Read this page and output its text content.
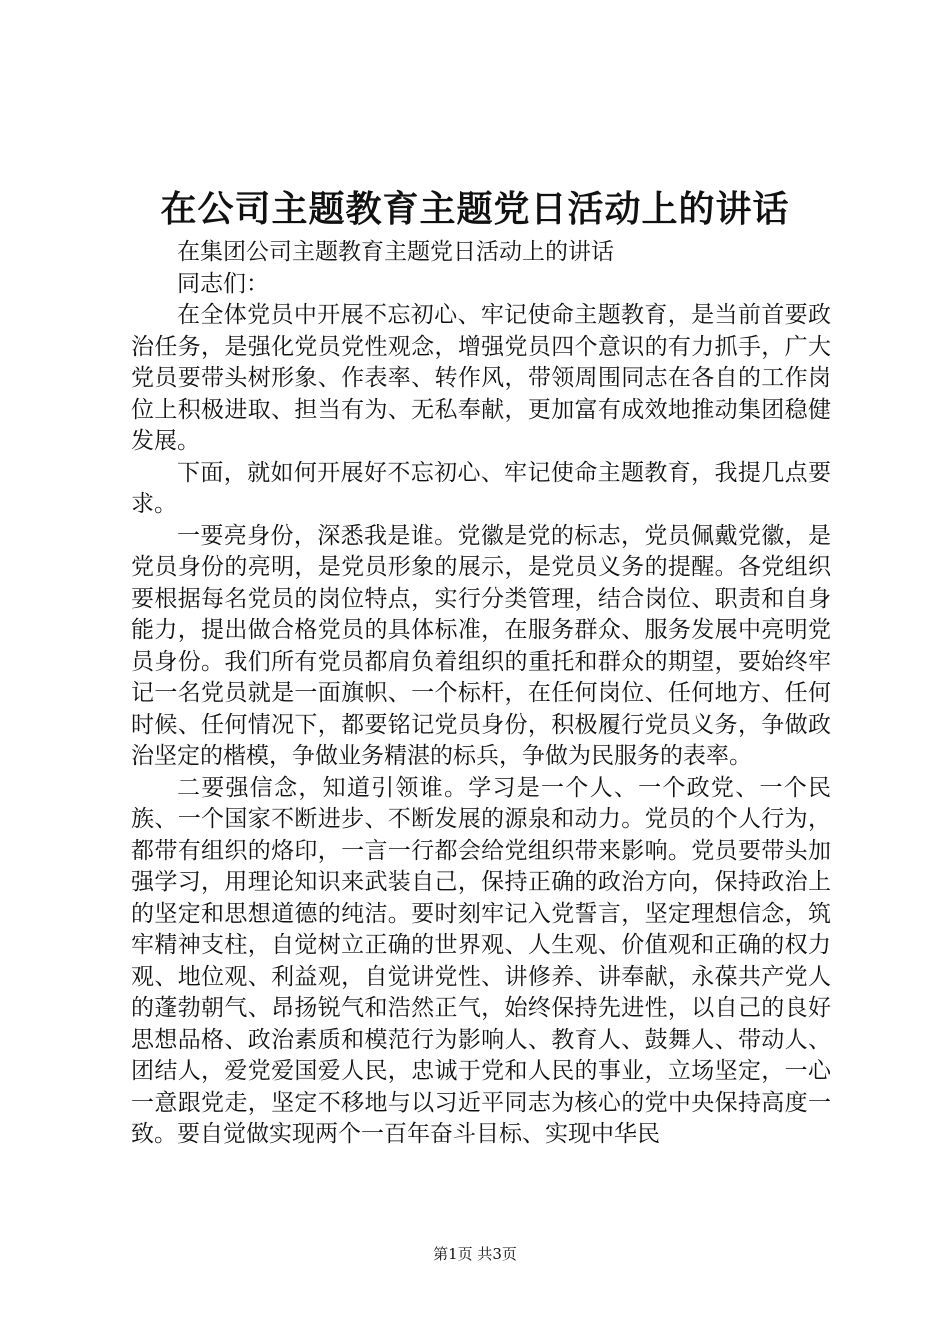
在公司主题教育主题党日活动上的讲话

在集团公司主题教育主题党日活动上的讲话

同志们：

在全体党员中开展不忘初心、牢记使命主题教育，是当前首要政治任务，是强化党员党性观念，增强党员四个意识的有力抓手，广大党员要带头树形象、作表率、转作风，带领周围同志在各自的工作岗位上积极进取、担当有为、无私奉献，更加富有成效地推动集团稳健发展。

下面，就如何开展好不忘初心、牢记使命主题教育，我提几点要求。

一要亮身份，深悉我是谁。党徽是党的标志，党员佩戴党徽，是党员身份的亮明，是党员形象的展示，是党员义务的提醒。各党组织要根据每名党员的岗位特点，实行分类管理，结合岗位、职责和自身能力，提出做合格党员的具体标准，在服务群众、服务发展中亮明党员身份。我们所有党员都肩负着组织的重托和群众的期望，要始终牢记一名党员就是一面旗帜、一个标杆，在任何岗位、任何地方、任何时候、任何情况下，都要铭记党员身份，积极履行党员义务，争做政治坚定的楷模，争做业务精湛的标兵，争做为民服务的表率。

二要强信念，知道引领谁。学习是一个人、一个政党、一个民族、一个国家不断进步、不断发展的源泉和动力。党员的个人行为，都带有组织的烙印，一言一行都会给党组织带来影响。党员要带头加强学习，用理论知识来武装自己，保持正确的政治方向，保持政治上的坚定和思想道德的纯洁。要时刻牢记入党誓言，坚定理想信念，筑牢精神支柱，自觉树立正确的世界观、人生观、价值观和正确的权力观、地位观、利益观，自觉讲党性、讲修养、讲奉献，永葆共产党人的蓬勃朝气、昂扬锐气和浩然正气，始终保持先进性，以自己的良好思想品格、政治素质和模范行为影响人、教育人、鼓舞人、带动人、团结人，爱党爱国爱人民，忠诚于党和人民的事业，立场坚定，一心一意跟党走，坚定不移地与以习近平同志为核心的党中央保持高度一致。要自觉做实现两个一百年奋斗目标、实现中华民

第1页 共3页
